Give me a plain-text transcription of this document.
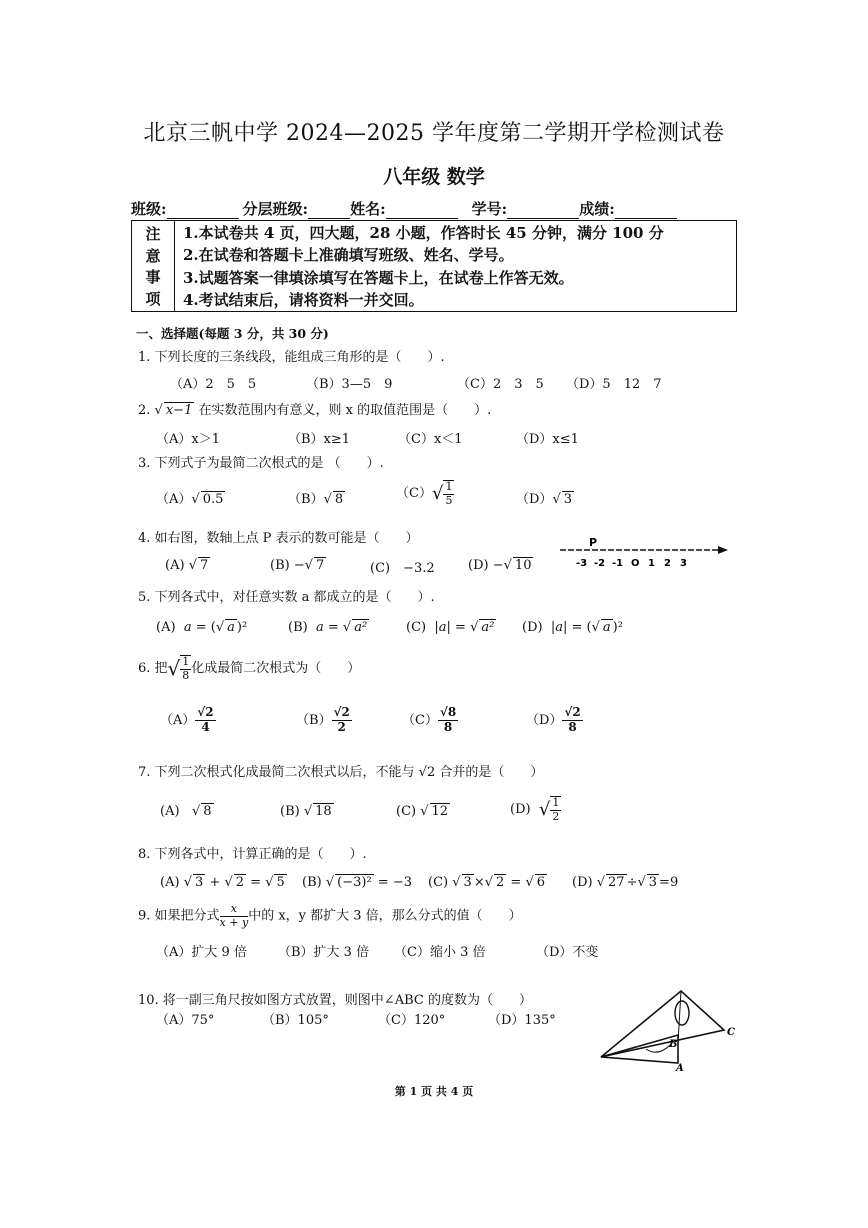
北京三帆中学 2024—2025 学年度第二学期开学检测试卷
八年级 数学
班级:	分层班级:	姓名:	学号:	成绩:
注
意
事
项
1.本试卷共 4 页，四大题，28 小题，作答时长 45 分钟，满分 100 分
2.在试卷和答题卡上准确填写班级、姓名、学号。
3.试题答案一律填涂填写在答题卡上，在试卷上作答无效。
4.考试结束后，请将资料一并交回。
一、选择题(每题 3 分，共 30 分)
1. 下列长度的三条线段，能组成三角形的是（　　）.
（A）2　5　5	（B）3—5　9	（C）2　3　5 （D）5　12　7
2. √ x−1 在实数范围内有意义，则 x 的取值范围是（　　）.
（A）x＞1	（B）x≥1	（C）x＜1	（D）x≤1
3. 下列式子为最简二次根式的是 （　　）.
（A）√ 0.5	（B）√ 8	$(C)√ \frac{1}{5}$	（D）√ 3
4. 如右图，数轴上点 P 表示的数可能是（　　）
(A) √ 7	(B) −√ 7	(C)　−3.2	(D) −√ 10
P
-3 -2 -1 O 1 2 3
5. 下列各式中，对任意实数 a 都成立的是（　　）.
(A) a = (√ a )²	(B) a = √ a²	(C)  |a| = √ a² (D)  |a| = (√ a )²
6. 把√ $\frac{1}{8}$ 化成最简二次根式为（　　）
$(A) \frac{√2}{4}$	$(B) \frac{√2}{2}$	$(C) \frac{√8}{8}$	$(D) \frac{√2}{8}$
7. 下列二次根式化成最简二次根式以后，不能与 √2 合并的是（　　）
(A) √ 8	(B) √ 18	(C) √ 12	(D) √ $\frac{1}{2}$
8. 下列各式中，计算正确的是（　　）.
(A) √ 3 + √ 2 = √ 5 (B) √ (−3)² = −3 (C) √ 3 ×√ 2 = √ 6 (D) √ 27 ÷√ 3 =9
9. 如果把分式 $\frac{x}{x + y}$ 中的 x，y 都扩大 3 倍，那么分式的值（　　）
（A）扩大 9 倍 （B）扩大 3 倍 （C）缩小 3 倍	（D）不变
10. 将一副三角尺按如图方式放置，则图中∠ABC 的度数为（　　）
（A）75°	（B）105°	（C）120°	（D）135°
B
C
A
第 1 页 共 4 页
